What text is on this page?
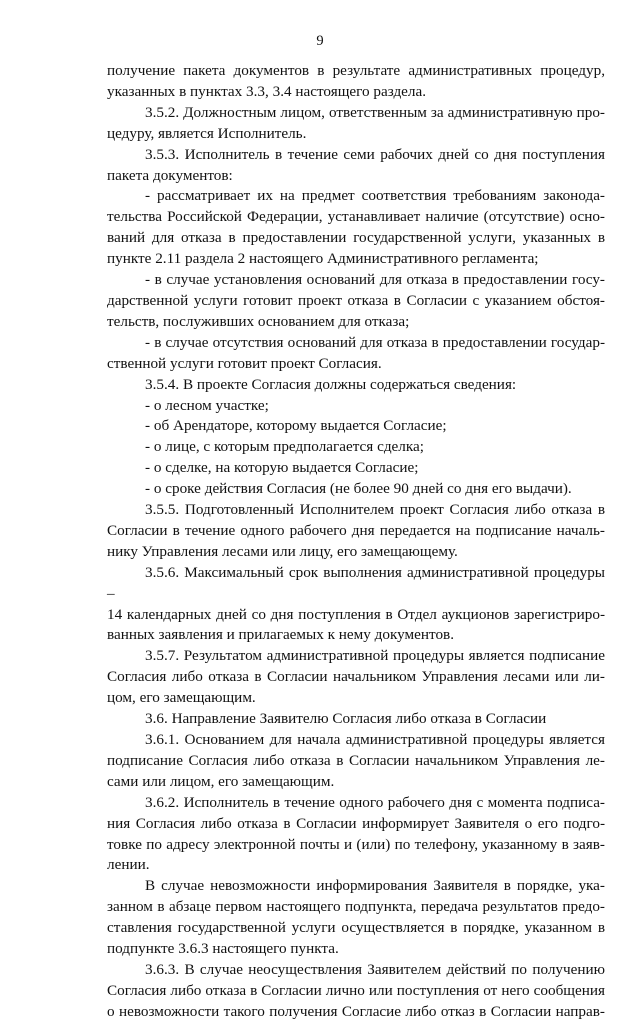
9

получение пакета документов в результате административных процедур,

указанных в пунктах 3.3, 3.4 настоящего раздела.

3.5.2. Должностным лицом, ответственным за административную про-

цедуру, является Исполнитель.

3.5.3. Исполнитель в течение семи рабочих дней со дня поступления

пакета документов:

- рассматривает их на предмет соответствия требованиям законода-

тельства Российской Федерации, устанавливает наличие (отсутствие) осно-

ваний для отказа в предоставлении государственной услуги, указанных в

пункте 2.11 раздела 2 настоящего Административного регламента;

- в случае установления оснований для отказа в предоставлении госу-

дарственной услуги готовит проект отказа в Согласии с указанием обстоя-

тельств, послуживших основанием для отказа;

- в случае отсутствия оснований для отказа в предоставлении государ-

ственной услуги готовит проект Согласия.

3.5.4. В проекте Согласия должны содержаться сведения:

- о лесном участке;

- об Арендаторе, которому выдается Согласие;

- о лице, с которым предполагается сделка;

- о сделке, на которую выдается Согласие;

- о сроке действия Согласия (не более 90 дней со дня его выдачи).

3.5.5. Подготовленный Исполнителем проект Согласия либо отказа в

Согласии в течение одного рабочего дня передается на подписание началь-

нику Управления лесами или лицу, его замещающему.

3.5.6. Максимальный срок выполнения административной процедуры –

14 календарных дней со дня поступления в Отдел аукционов зарегистриро-

ванных заявления и прилагаемых к нему документов.

3.5.7. Результатом административной процедуры является подписание

Согласия либо отказа в Согласии начальником Управления лесами или ли-

цом, его замещающим.

3.6. Направление Заявителю Согласия либо отказа в Согласии

3.6.1. Основанием для начала административной процедуры является

подписание Согласия либо отказа в Согласии начальником Управления ле-

сами или лицом, его замещающим.

3.6.2. Исполнитель в течение одного рабочего дня с момента подписа-

ния Согласия либо отказа в Согласии информирует Заявителя о его подго-

товке по адресу электронной почты и (или) по телефону, указанному в заяв-

лении.

В случае невозможности информирования Заявителя в порядке, ука-

занном в абзаце первом настоящего подпункта, передача результатов предо-

ставления государственной услуги осуществляется в порядке, указанном в

подпункте 3.6.3 настоящего пункта.

3.6.3. В случае неосуществления Заявителем действий по получению

Согласия либо отказа в Согласии лично или поступления от него сообщения

о невозможности такого получения Согласие либо отказ в Согласии направ-
